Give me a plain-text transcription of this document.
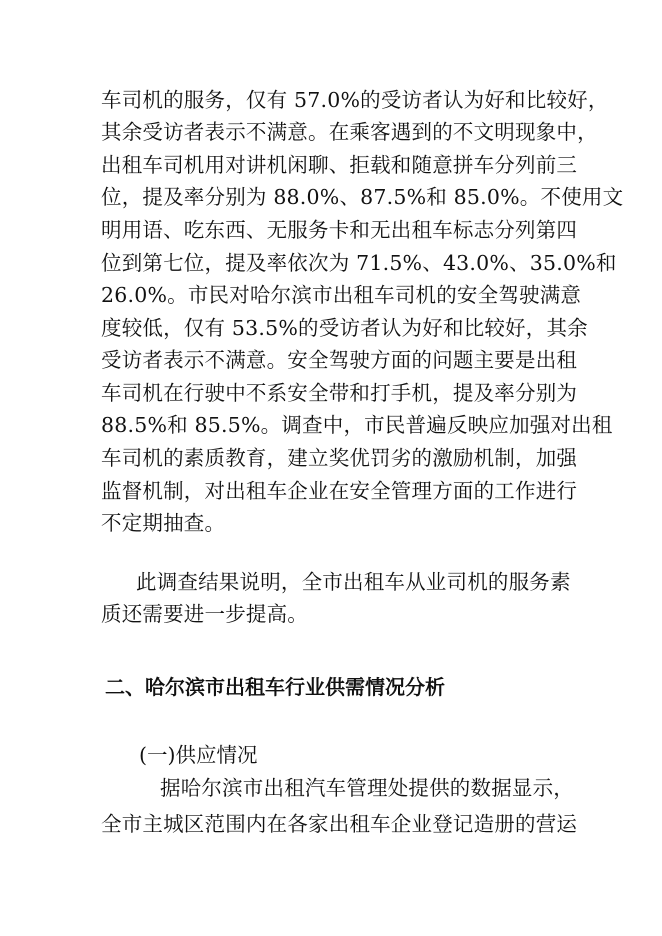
车司机的服务，仅有 57.0%的受访者认为好和比较好，
其余受访者表示不满意。在乘客遇到的不文明现象中，
出租车司机用对讲机闲聊、拒载和随意拼车分列前三
位，提及率分别为 88.0%、87.5%和 85.0%。不使用文
明用语、吃东西、无服务卡和无出租车标志分列第四
位到第七位，提及率依次为 71.5%、43.0%、35.0%和
26.0%。市民对哈尔滨市出租车司机的安全驾驶满意
度较低，仅有 53.5%的受访者认为好和比较好，其余
受访者表示不满意。安全驾驶方面的问题主要是出租
车司机在行驶中不系安全带和打手机，提及率分别为
88.5%和 85.5%。调查中，市民普遍反映应加强对出租
车司机的素质教育，建立奖优罚劣的激励机制，加强
监督机制，对出租车企业在安全管理方面的工作进行
不定期抽查。
此调查结果说明，全市出租车从业司机的服务素
质还需要进一步提高。
二、哈尔滨市出租车行业供需情况分析
(一)供应情况
据哈尔滨市出租汽车管理处提供的数据显示，
全市主城区范围内在各家出租车企业登记造册的营运
